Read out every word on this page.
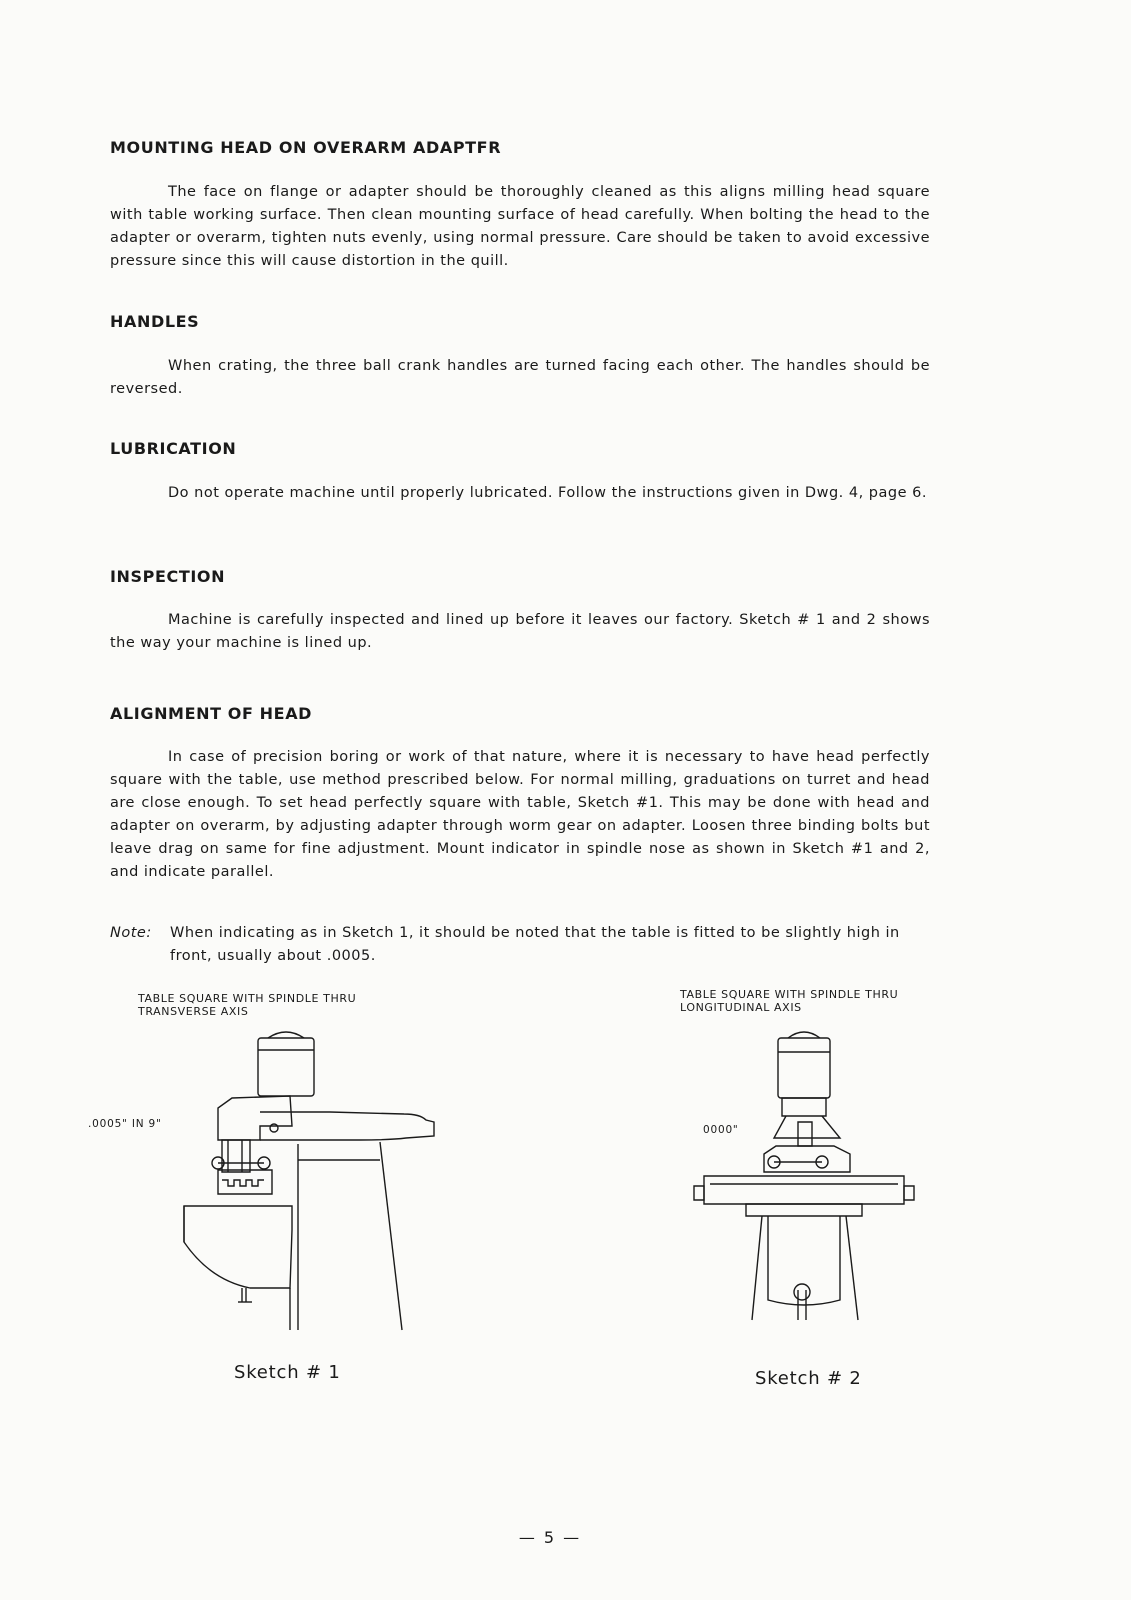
MOUNTING HEAD ON OVERARM ADAPTFR

The face on flange or adapter should be thoroughly cleaned as this aligns milling head square with table working surface. Then clean mounting surface of head carefully. When bolting the head to the adapter or overarm, tighten nuts evenly, using normal pressure. Care should be taken to avoid excessive pressure since this will cause distortion in the quill.

HANDLES

When crating, the three ball crank handles are turned facing each other. The handles should be reversed.

LUBRICATION

Do not operate machine until properly lubricated. Follow the instructions given in Dwg. 4, page 6.

INSPECTION

Machine is carefully inspected and lined up before it leaves our factory. Sketch # 1 and 2 shows the way your machine is lined up.

ALIGNMENT OF HEAD

In case of precision boring or work of that nature, where it is necessary to have head perfectly square with the table, use method prescribed below. For normal milling, graduations on turret and head are close enough. To set head perfectly square with table, Sketch #1. This may be done with head and adapter on overarm, by adjusting adapter through worm gear on adapter. Loosen three binding bolts but leave drag on same for fine adjustment. Mount indicator in spindle nose as shown in Sketch #1 and 2, and indicate parallel.

Note: When indicating as in Sketch 1, it should be noted that the table is fitted to be slightly high in front, usually about .0005.

TABLE SQUARE WITH SPINDLE THRU
TRANSVERSE AXIS

TABLE SQUARE WITH SPINDLE THRU
LONGITUDINAL AXIS

.0005" IN 9"	0000"

Sketch # 1	Sketch # 2

— 5 —
